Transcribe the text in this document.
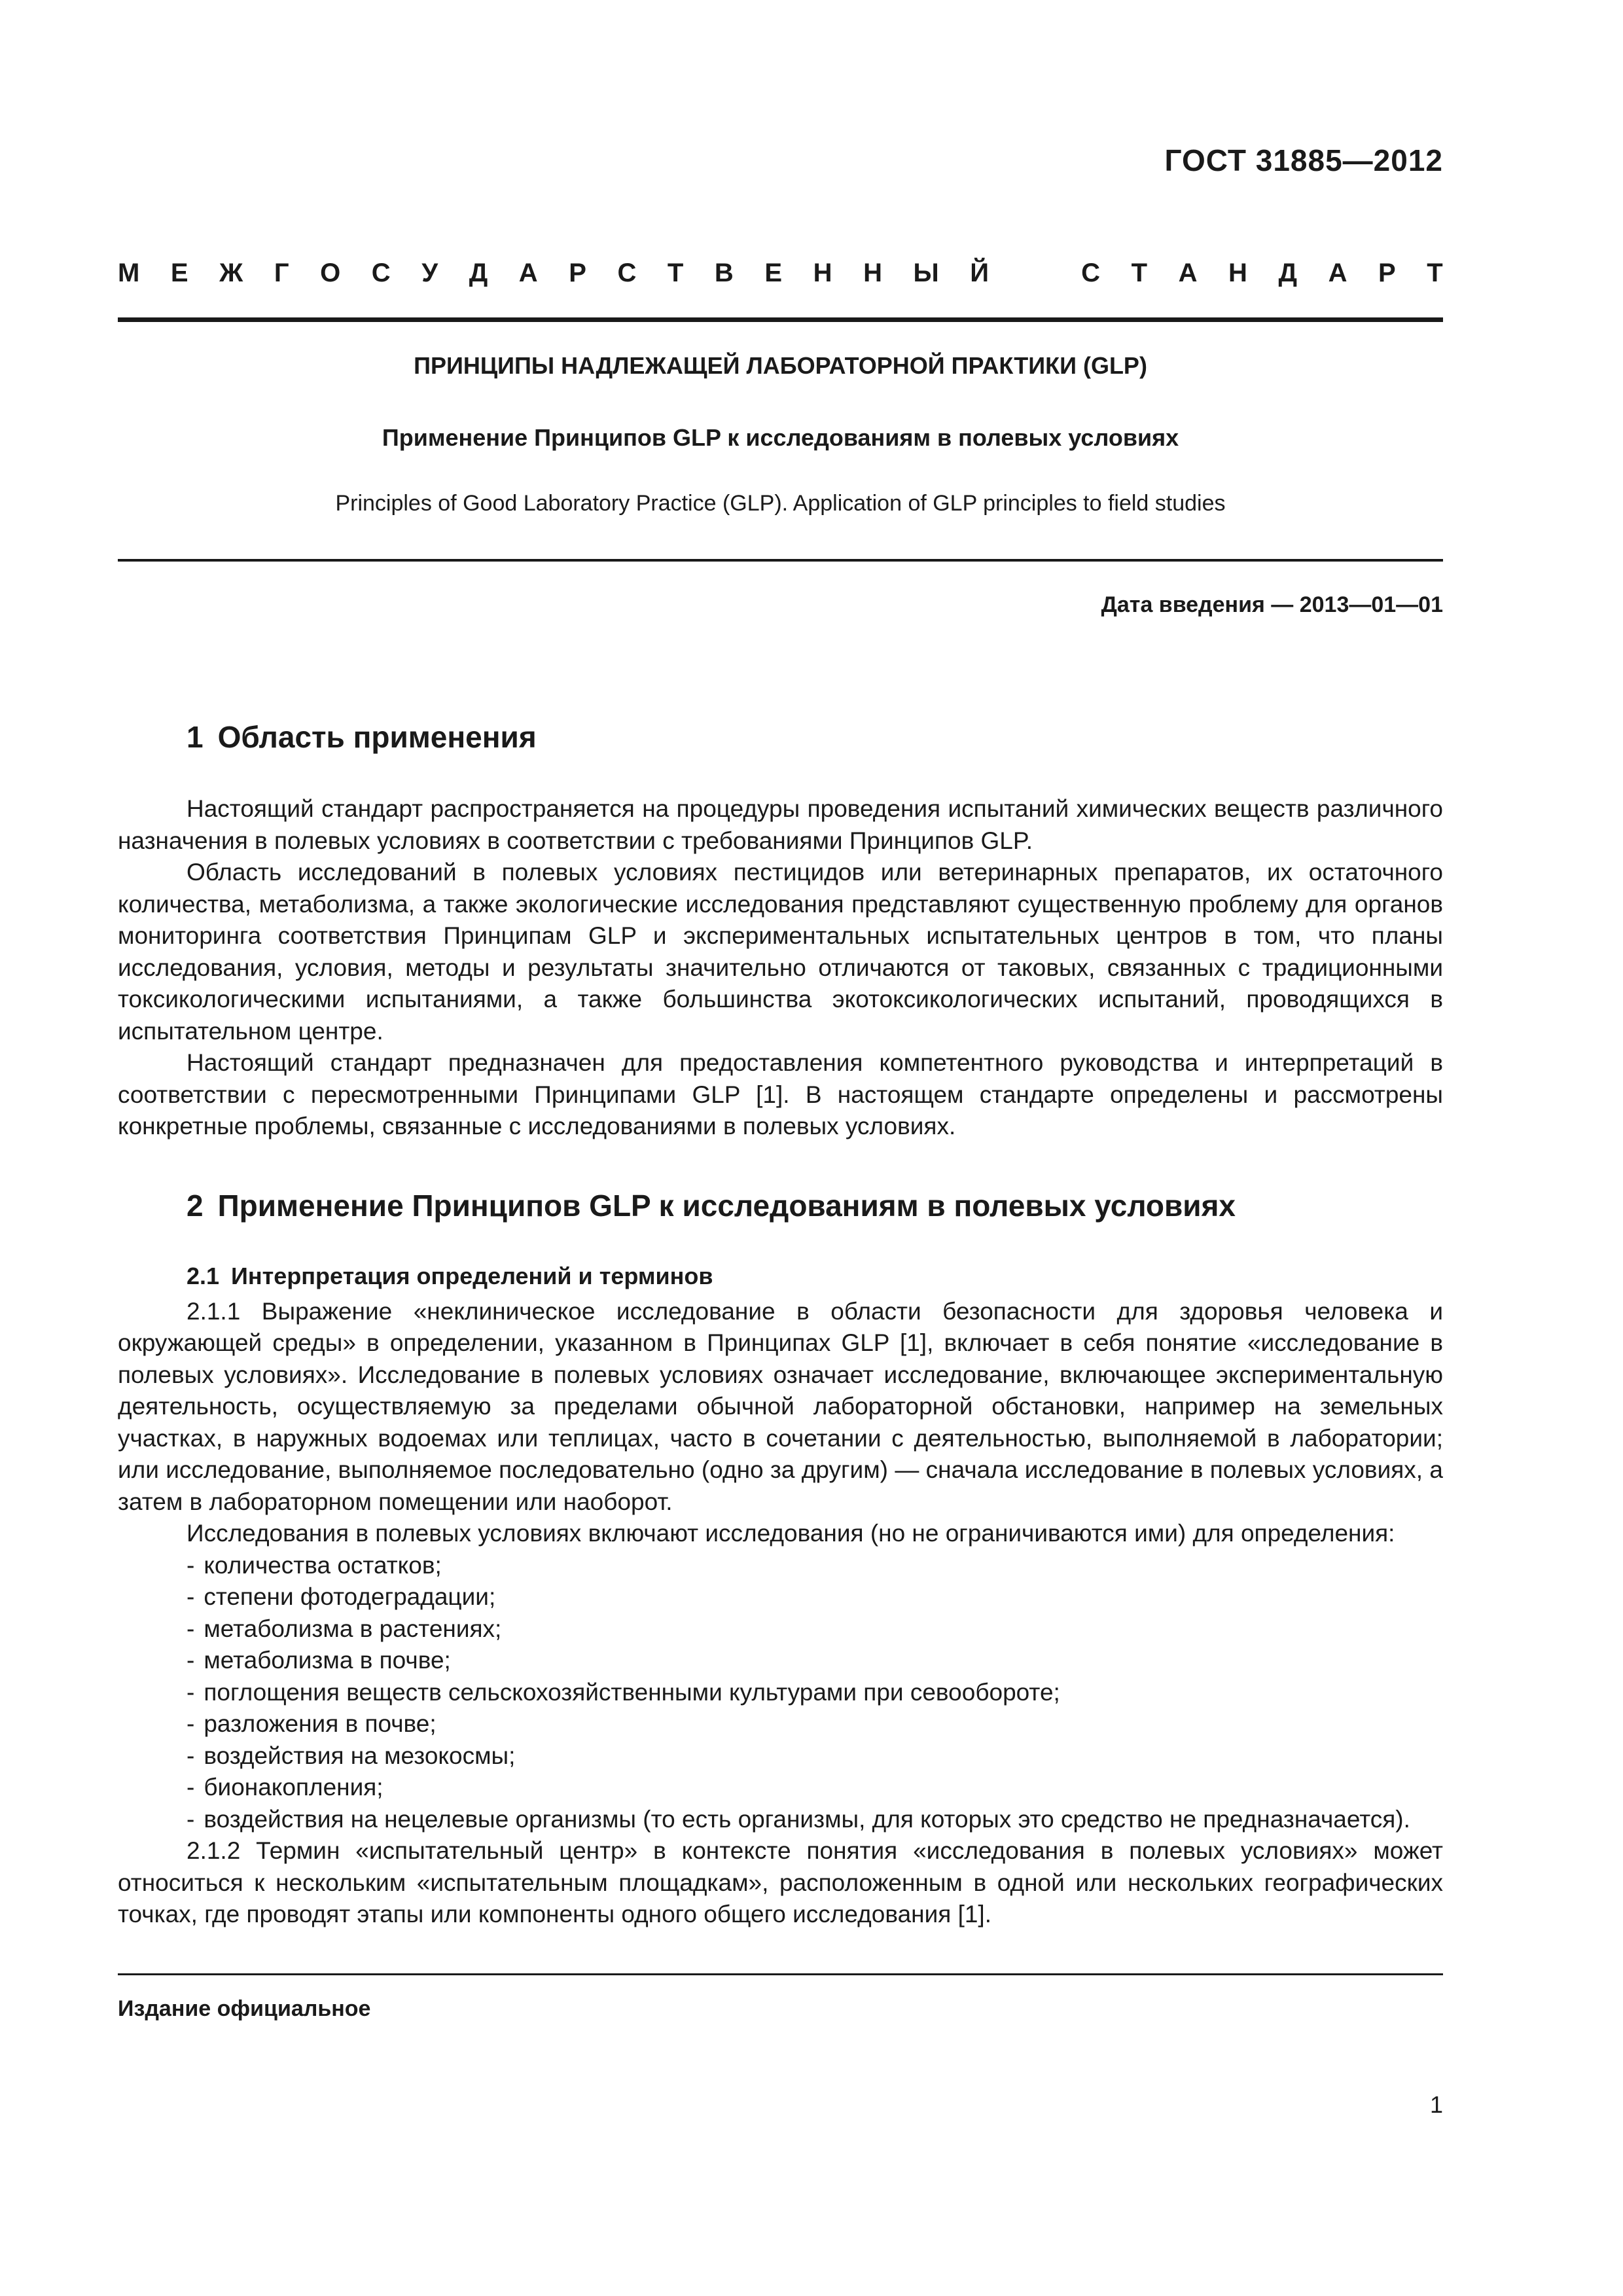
ГОСТ 31885—2012
М Е Ж Г О С У Д А Р С Т В Е Н Н Ы Й	С Т А Н Д А Р Т
ПРИНЦИПЫ НАДЛЕЖАЩЕЙ ЛАБОРАТОРНОЙ ПРАКТИКИ (GLP)
Применение Принципов GLP к исследованиям в полевых условиях
Principles of Good Laboratory Practice (GLP). Application of GLP principles to field studies
Дата введения — 2013—01—01
1 Область применения

Настоящий стандарт распространяется на процедуры проведения испытаний химических веществ различного назначения в полевых условиях в соответствии с требованиями Принципов GLP.

Область исследований в полевых условиях пестицидов или ветеринарных препаратов, их остаточного количества, метаболизма, а также экологические исследования представляют существенную проблему для органов мониторинга соответствия Принципам GLP и экспериментальных испытательных центров в том, что планы исследования, условия, методы и результаты значительно отличаются от таковых, связанных с традиционными токсикологическими испытаниями, а также большинства экотоксикологических испытаний, проводящихся в испытательном центре.

Настоящий стандарт предназначен для предоставления компетентного руководства и интерпретаций в соответствии с пересмотренными Принципами GLP [1]. В настоящем стандарте определены и рассмотрены конкретные проблемы, связанные с исследованиями в полевых условиях.

2 Применение Принципов GLP к исследованиям в полевых условиях
2.1 Интерпретация определений и терминов

2.1.1 Выражение «неклиническое исследование в области безопасности для здоровья человека и окружающей среды» в определении, указанном в Принципах GLP [1], включает в себя понятие «исследование в полевых условиях». Исследование в полевых условиях означает исследование, включающее экспериментальную деятельность, осуществляемую за пределами обычной лабораторной обстановки, например на земельных участках, в наружных водоемах или теплицах, часто в сочетании с деятельностью, выполняемой в лаборатории; или исследование, выполняемое последовательно (одно за другим) — сначала исследование в полевых условиях, а затем в лабораторном помещении или наоборот.

Исследования в полевых условиях включают исследования (но не ограничиваются ими) для определения:

- количества остатков;
- степени фотодеградации;
- метаболизма в растениях;
- метаболизма в почве;
- поглощения веществ сельскохозяйственными культурами при севообороте;
- разложения в почве;
- воздействия на мезокосмы;
- бионакопления;
- воздействия на нецелевые организмы (то есть организмы, для которых это средство не предназначается).

2.1.2 Термин «испытательный центр» в контексте понятия «исследования в полевых условиях» может относиться к нескольким «испытательным площадкам», расположенным в одной или нескольких географических точках, где проводят этапы или компоненты одного общего исследования [1].

Издание официальное
1
